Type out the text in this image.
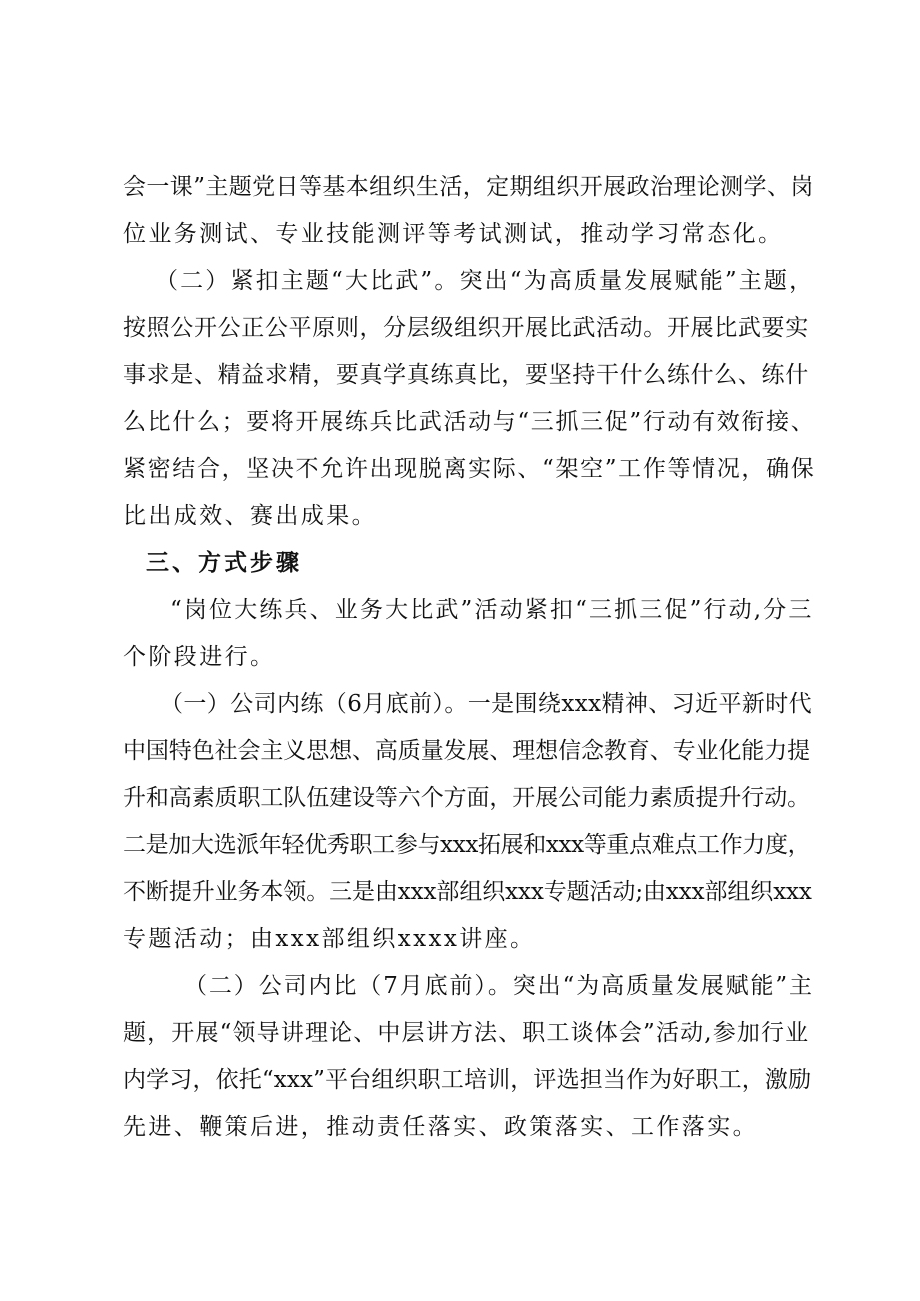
会一课”主题党日等基本组织生活，定期组织开展政治理论测学、岗
位业务测试、专业技能测评等考试测试，推动学习常态化。
（二）紧扣主题“大比武”。突出“为高质量发展赋能”主题，
按照公开公正公平原则，分层级组织开展比武活动。开展比武要实
事求是、精益求精，要真学真练真比，要坚持干什么练什么、练什
么比什么；要将开展练兵比武活动与“三抓三促”行动有效衔接、
紧密结合，坚决不允许出现脱离实际、“架空”工作等情况，确保
比出成效、赛出成果。
三、方式步骤
“岗位大练兵、业务大比武”活动紧扣“三抓三促”行动,分三
个阶段进行。
（一）公司内练（6月底前）。一是围绕xxx精神、习近平新时代
中国特色社会主义思想、高质量发展、理想信念教育、专业化能力提
升和高素质职工队伍建设等六个方面，开展公司能力素质提升行动。
二是加大选派年轻优秀职工参与xxx拓展和xxx等重点难点工作力度，
不断提升业务本领。三是由xxx部组织xxx专题活动;由xxx部组织xxx
专题活动；由xxx部组织xxxx讲座。
（二）公司内比（7月底前）。突出“为高质量发展赋能”主
题，开展“领导讲理论、中层讲方法、职工谈体会”活动,参加行业
内学习，依托“xxx”平台组织职工培训，评选担当作为好职工，激励
先进、鞭策后进，推动责任落实、政策落实、工作落实。
